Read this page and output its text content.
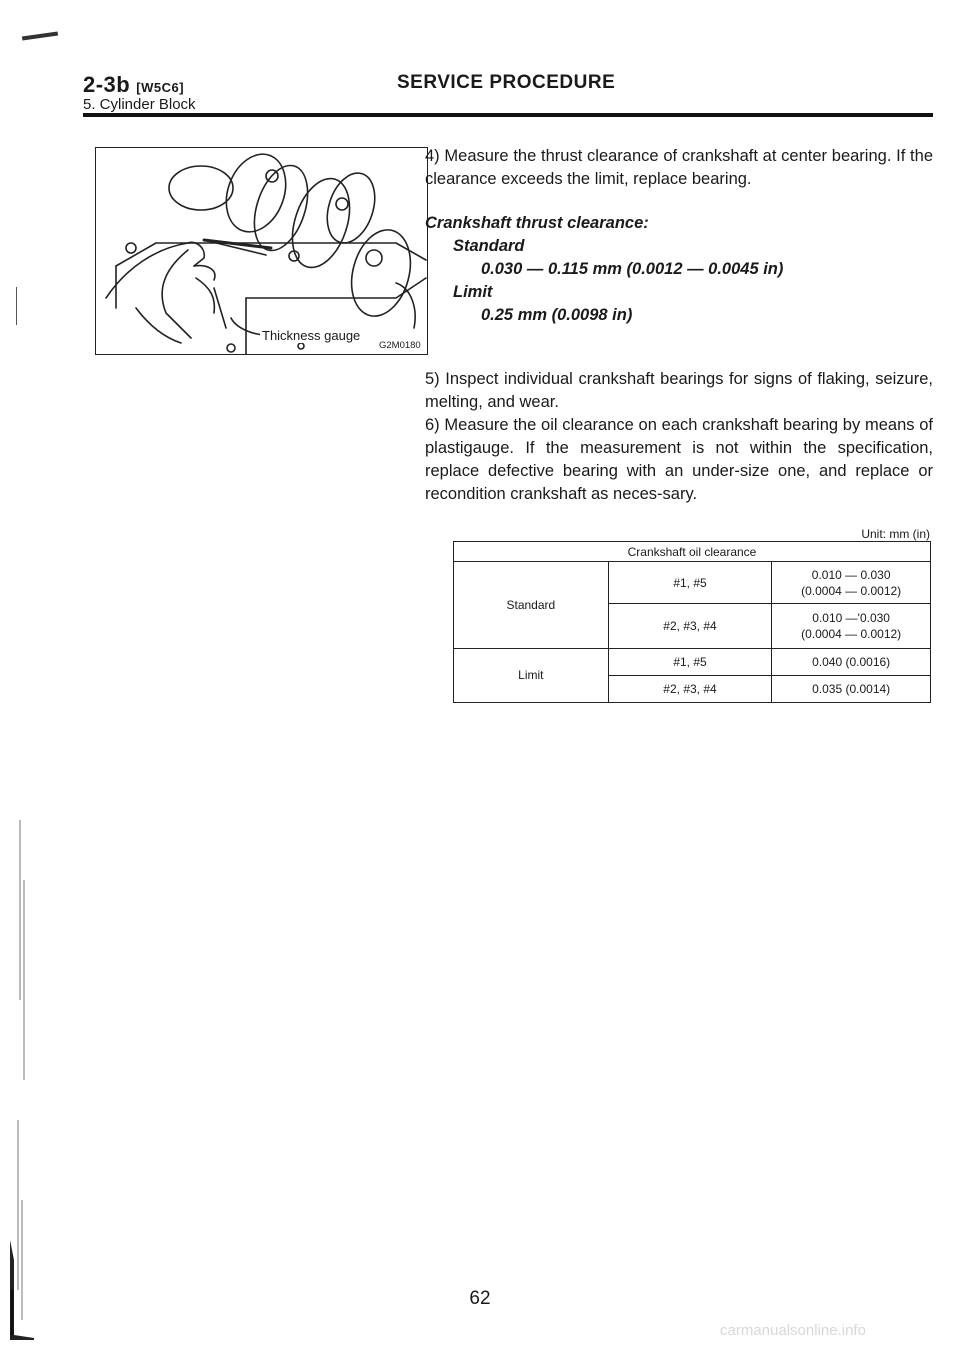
2-3b [W5C6]
5. Cylinder Block
SERVICE PROCEDURE
Thickness gauge
G2M0180

4) Measure the thrust clearance of crankshaft at center bearing. If the clearance exceeds the limit, replace bearing.

Crankshaft thrust clearance:
Standard
0.030 — 0.115 mm (0.0012 — 0.0045 in)
Limit
0.25 mm (0.0098 in)

5) Inspect individual crankshaft bearings for signs of flaking, seizure, melting, and wear.

6) Measure the oil clearance on each crankshaft bearing by means of plastigauge. If the measurement is not within the specification, replace defective bearing with an under-size one, and replace or recondition crankshaft as neces-sary.

Unit: mm (in)
Crankshaft oil clearance		
Standard	#1, #5	0.010 — 0.030
(0.0004 — 0.0012)

	#2, #3, #4	0.010 —'0.030
(0.0004 — 0.0012)

Limit	#1, #5	0.040 (0.0016)
	#2, #3, #4	0.035 (0.0014)
62
carmanualsonline.info
